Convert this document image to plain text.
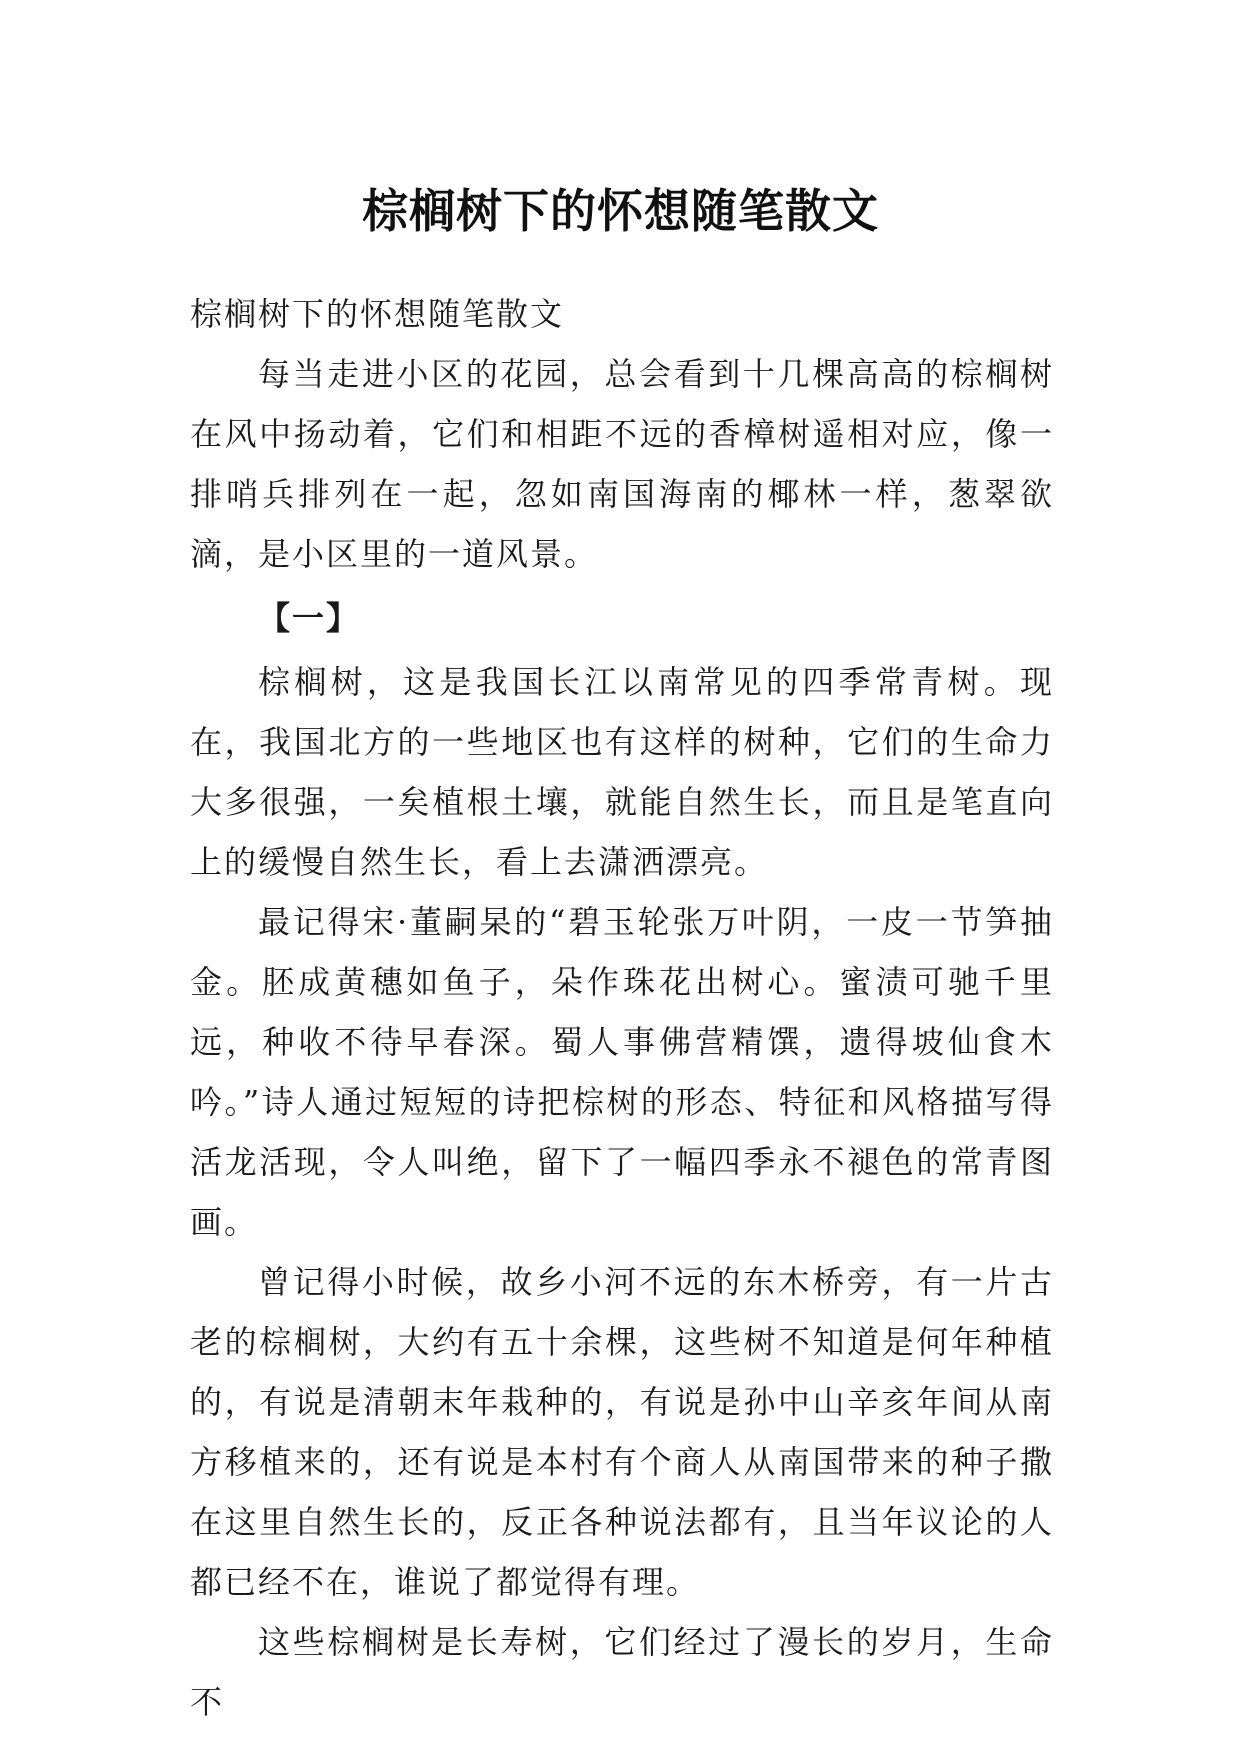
棕榈树下的怀想随笔散文

棕榈树下的怀想随笔散文

每当走进小区的花园，总会看到十几棵高高的棕榈树在风中扬动着，它们和相距不远的香樟树遥相对应，像一排哨兵排列在一起，忽如南国海南的椰林一样，葱翠欲滴，是小区里的一道风景。

【一】

棕榈树，这是我国长江以南常见的四季常青树。现在，我国北方的一些地区也有这样的树种，它们的生命力大多很强，一矣植根土壤，就能自然生长，而且是笔直向上的缓慢自然生长，看上去潇洒漂亮。

最记得宋·董嗣杲的“碧玉轮张万叶阴，一皮一节笋抽金。胚成黄穗如鱼子，朵作珠花出树心。蜜渍可驰千里远，种收不待早春深。蜀人事佛营精馔，遗得坡仙食木吟。”诗人通过短短的诗把棕树的形态、特征和风格描写得活龙活现，令人叫绝，留下了一幅四季永不褪色的常青图画。

曾记得小时候，故乡小河不远的东木桥旁，有一片古老的棕榈树，大约有五十余棵，这些树不知道是何年种植的，有说是清朝末年栽种的，有说是孙中山辛亥年间从南方移植来的，还有说是本村有个商人从南国带来的种子撒在这里自然生长的，反正各种说法都有，且当年议论的人都已经不在，谁说了都觉得有理。

这些棕榈树是长寿树，它们经过了漫长的岁月，生命不
